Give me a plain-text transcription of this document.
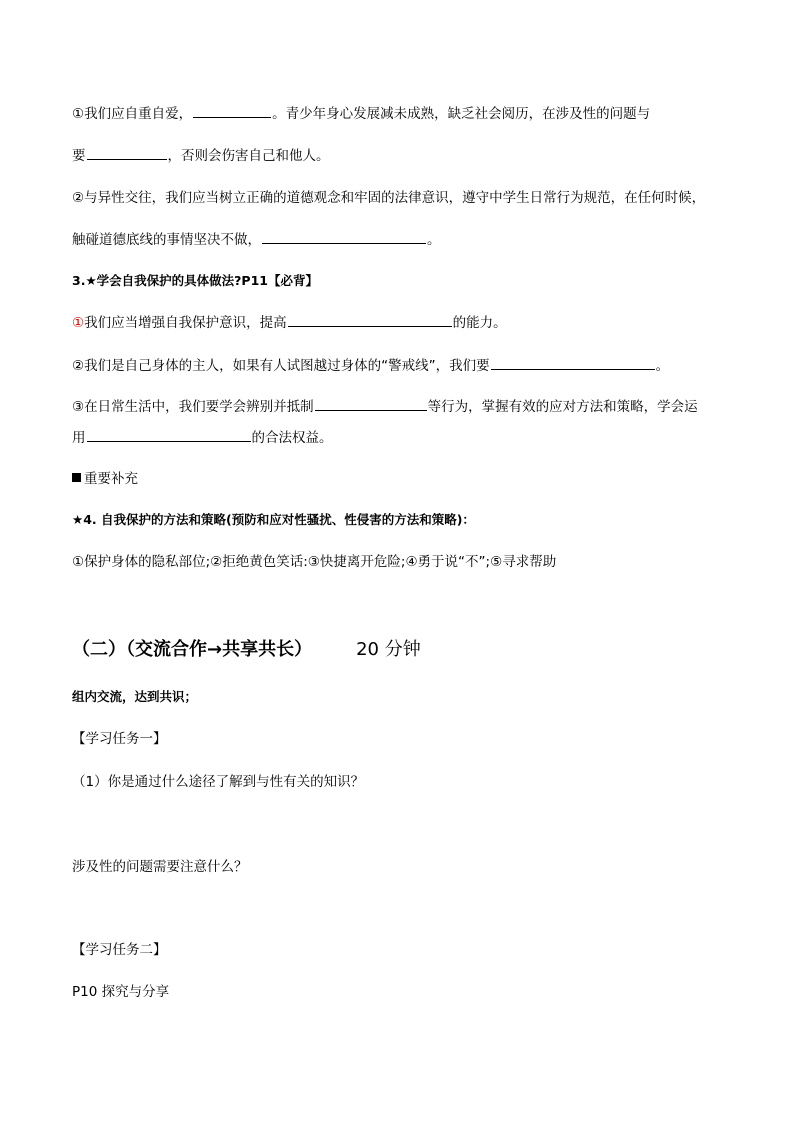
①我们应自重自爱，	。青少年身心发展减未成熟，缺乏社会阅历，在涉及性的问题与
要	，否则会伤害自己和他人。
②与异性交往，我们应当树立正确的道德观念和牢固的法律意识，遵守中学生日常行为规范，在任何时候，
触碰道德底线的事情坚决不做，	。
3.★学会自我保护的具体做法?P11【必背】
①我们应当增强自我保护意识，提高	的能力。
②我们是自己身体的主人，如果有人试图越过身体的“警戒线”，我们要	。
③在日常生活中，我们要学会辨别并抵制	等行为，掌握有效的应对方法和策略，学会运
用	的合法权益。
重要补充
★4. 自我保护的方法和策略(预防和应对性骚扰、性侵害的方法和策略)：
①保护身体的隐私部位;②拒绝黄色笑话:③快捷离开危险;④勇于说“不”;⑤寻求帮助
（二）（交流合作→共享共长） 20 分钟
组内交流，达到共识；
【学习任务一】
（1）你是通过什么途径了解到与性有关的知识？
涉及性的问题需要注意什么？
【学习任务二】
P10 探究与分享
